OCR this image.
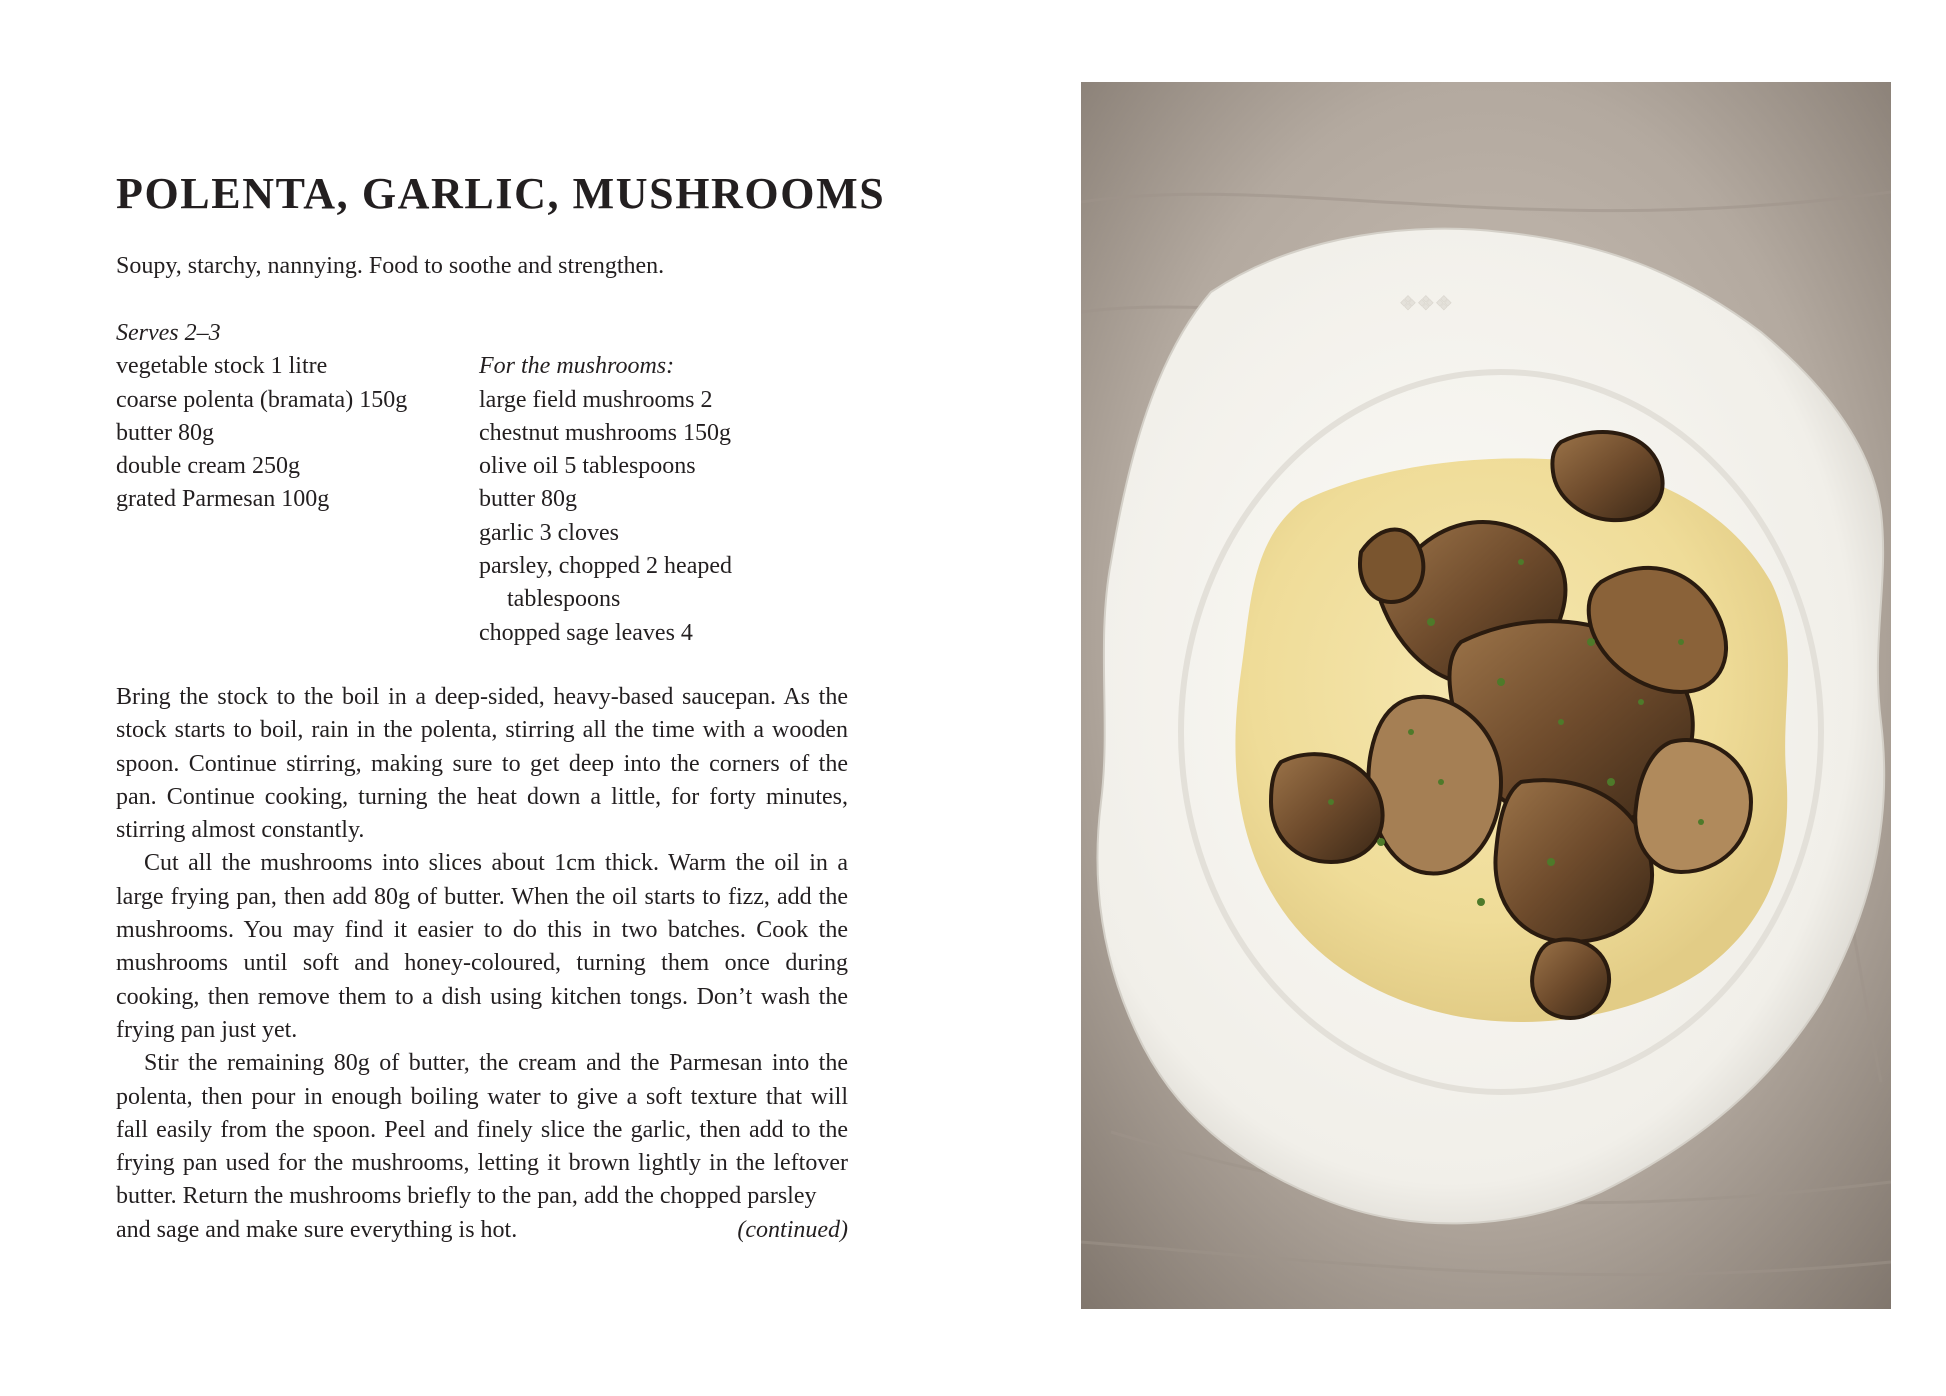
POLENTA, GARLIC, MUSHROOMS

Soupy, starchy, nannying. Food to soothe and strengthen.

Serves 2–3
vegetable stock 1 litre
coarse polenta (bramata) 150g
butter 80g
double cream 250g
grated Parmesan 100g
For the mushrooms:
large field mushrooms 2
chestnut mushrooms 150g
olive oil 5 tablespoons
butter 80g
garlic 3 cloves
parsley, chopped 2 heaped
tablespoons
chopped sage leaves 4

Bring the stock to the boil in a deep-sided, heavy-based saucepan. As the stock starts to boil, rain in the polenta, stirring all the time with a wooden spoon. Continue stirring, making sure to get deep into the corners of the pan. Continue cooking, turning the heat down a little, for forty minutes, stirring almost constantly.

Cut all the mushrooms into slices about 1cm thick. Warm the oil in a large frying pan, then add 80g of butter. When the oil starts to fizz, add the mushrooms. You may find it easier to do this in two batches. Cook the mushrooms until soft and honey-coloured, turning them once during cooking, then remove them to a dish using kitchen tongs. Don’t wash the frying pan just yet.

Stir the remaining 80g of butter, the cream and the Parmesan into the polenta, then pour in enough boiling water to give a soft texture that will fall easily from the spoon. Peel and finely slice the garlic, then add to the frying pan used for the mushrooms, letting it brown lightly in the leftover butter. Return the mushrooms briefly to the pan, add the chopped parsley

and sage and make sure everything is hot.	(continued)
❖❖❖
